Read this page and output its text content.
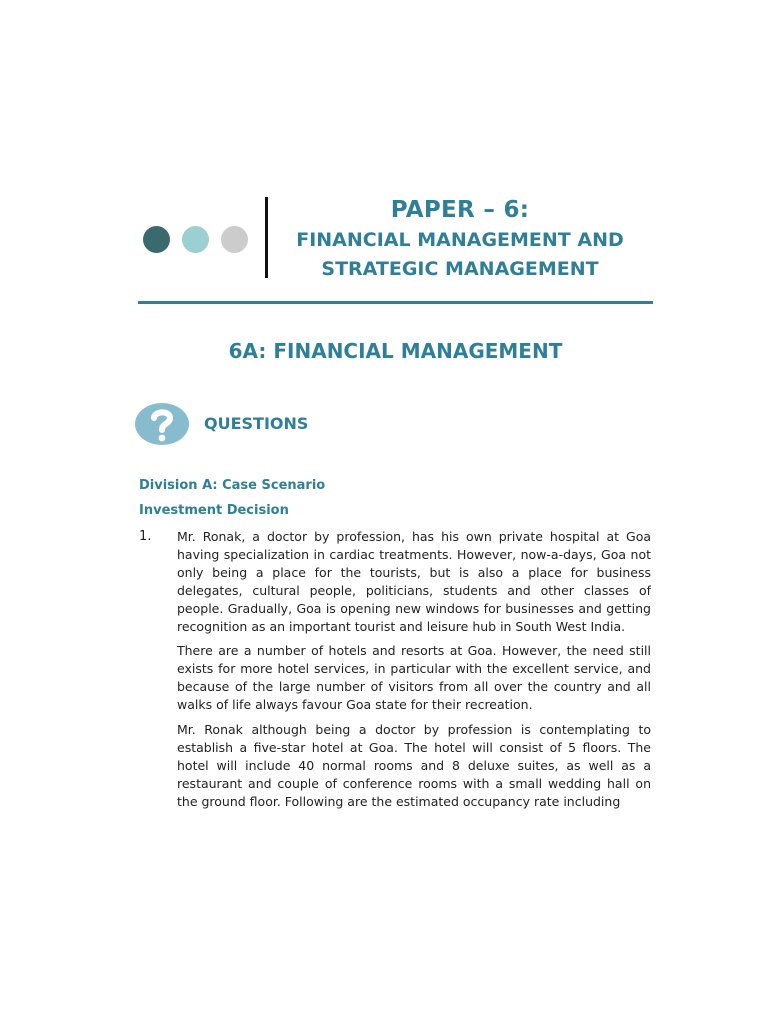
PAPER – 6:
FINANCIAL MANAGEMENT AND
STRATEGIC MANAGEMENT
6A: FINANCIAL MANAGEMENT
QUESTIONS
Division A: Case Scenario
Investment Decision
1. Mr. Ronak, a doctor by profession, has his own private hospital at Goa having specialization in cardiac treatments. However, now-a-days, Goa not only being a place for the tourists, but is also a place for business delegates, cultural people, politicians, students and other classes of people. Gradually, Goa is opening new windows for businesses and getting recognition as an important tourist and leisure hub in South West India.

There are a number of hotels and resorts at Goa. However, the need still exists for more hotel services, in particular with the excellent service, and because of the large number of visitors from all over the country and all walks of life always favour Goa state for their recreation.

Mr. Ronak although being a doctor by profession is contemplating to establish a five-star hotel at Goa. The hotel will consist of 5 floors. The hotel will include 40 normal rooms and 8 deluxe suites, as well as a restaurant and couple of conference rooms with a small wedding hall on the ground floor. Following are the estimated occupancy rate including
